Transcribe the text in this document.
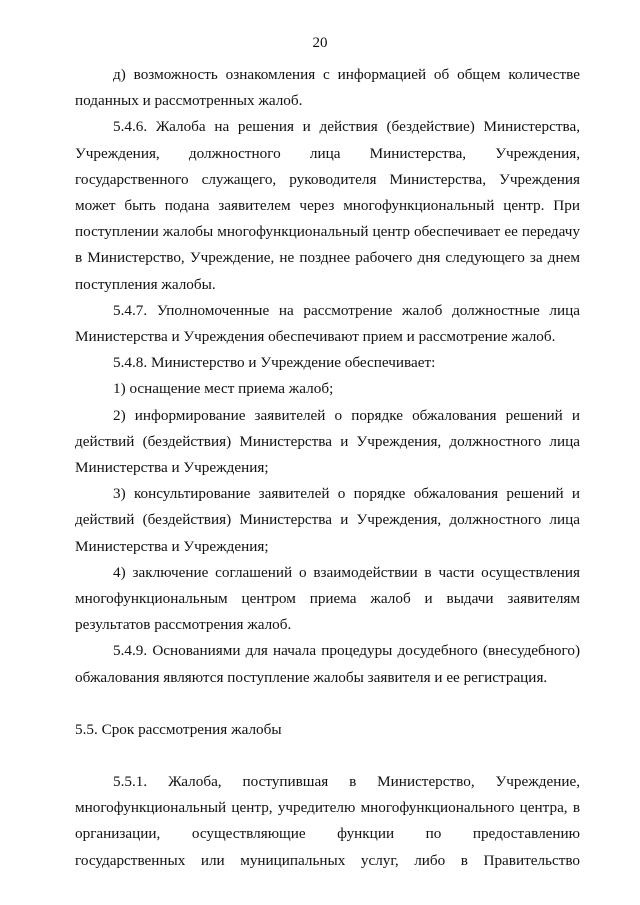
20

д) возможность ознакомления с информацией об общем количестве поданных и рассмотренных жалоб.

5.4.6. Жалоба на решения и действия (бездействие) Министерства, Учреждения, должностного лица Министерства, Учреждения, государственного служащего, руководителя Министерства, Учреждения может быть подана заявителем через многофункциональный центр. При поступлении жалобы многофункциональный центр обеспечивает ее передачу в Министерство, Учреждение, не позднее рабочего дня следующего за днем поступления жалобы.

5.4.7. Уполномоченные на рассмотрение жалоб должностные лица Министерства и Учреждения обеспечивают прием и рассмотрение жалоб.

5.4.8. Министерство и Учреждение обеспечивает:

1) оснащение мест приема жалоб;

2) информирование заявителей о порядке обжалования решений и действий (бездействия) Министерства и Учреждения, должностного лица Министерства и Учреждения;

3) консультирование заявителей о порядке обжалования решений и действий (бездействия) Министерства и Учреждения, должностного лица Министерства и Учреждения;

4) заключение соглашений о взаимодействии в части осуществления многофункциональным центром приема жалоб и выдачи заявителям результатов рассмотрения жалоб.

5.4.9. Основаниями для начала процедуры досудебного (внесудебного) обжалования являются поступление жалобы заявителя и ее регистрация.

5.5. Срок рассмотрения жалобы

5.5.1. Жалоба, поступившая в Министерство, Учреждение, многофункциональный центр, учредителю многофункционального центра, в организации, осуществляющие функции по предоставлению государственных или муниципальных услуг, либо в Правительство
